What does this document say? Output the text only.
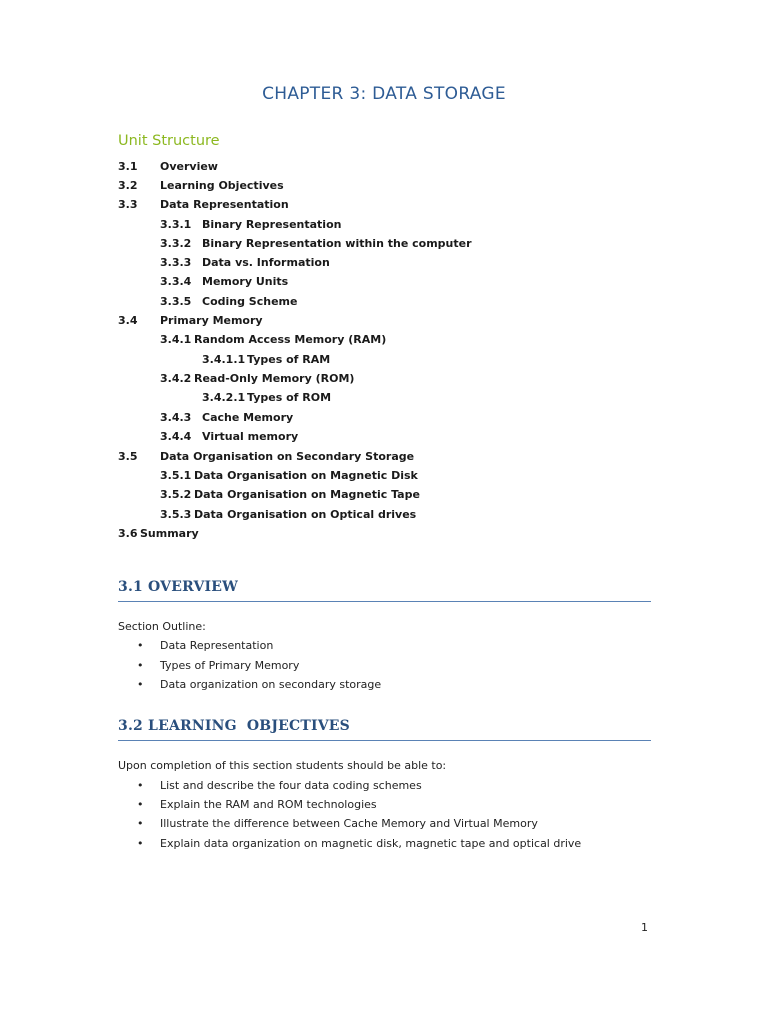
CHAPTER 3: DATA STORAGE
Unit Structure
3.1 Overview
3.2 Learning Objectives
3.3 Data Representation
3.3.1 Binary Representation
3.3.2 Binary Representation within the computer
3.3.3 Data vs. Information
3.3.4 Memory Units
3.3.5 Coding Scheme
3.4 Primary Memory
3.4.1 Random Access Memory (RAM)
3.4.1.1 Types of RAM
3.4.2 Read-Only Memory (ROM)
3.4.2.1 Types of ROM
3.4.3 Cache Memory
3.4.4 Virtual memory
3.5 Data Organisation on Secondary Storage
3.5.1 Data Organisation on Magnetic Disk
3.5.2 Data Organisation on Magnetic Tape
3.5.3 Data Organisation on Optical drives
3.6 Summary
3.1 OVERVIEW
Section Outline:
• Data Representation
• Types of Primary Memory
• Data organization on secondary storage
3.2 LEARNING  OBJECTIVES
Upon completion of this section students should be able to:
• List and describe the four data coding schemes
• Explain the RAM and ROM technologies
• Illustrate the difference between Cache Memory and Virtual Memory
• Explain data organization on magnetic disk, magnetic tape and optical drive
1
